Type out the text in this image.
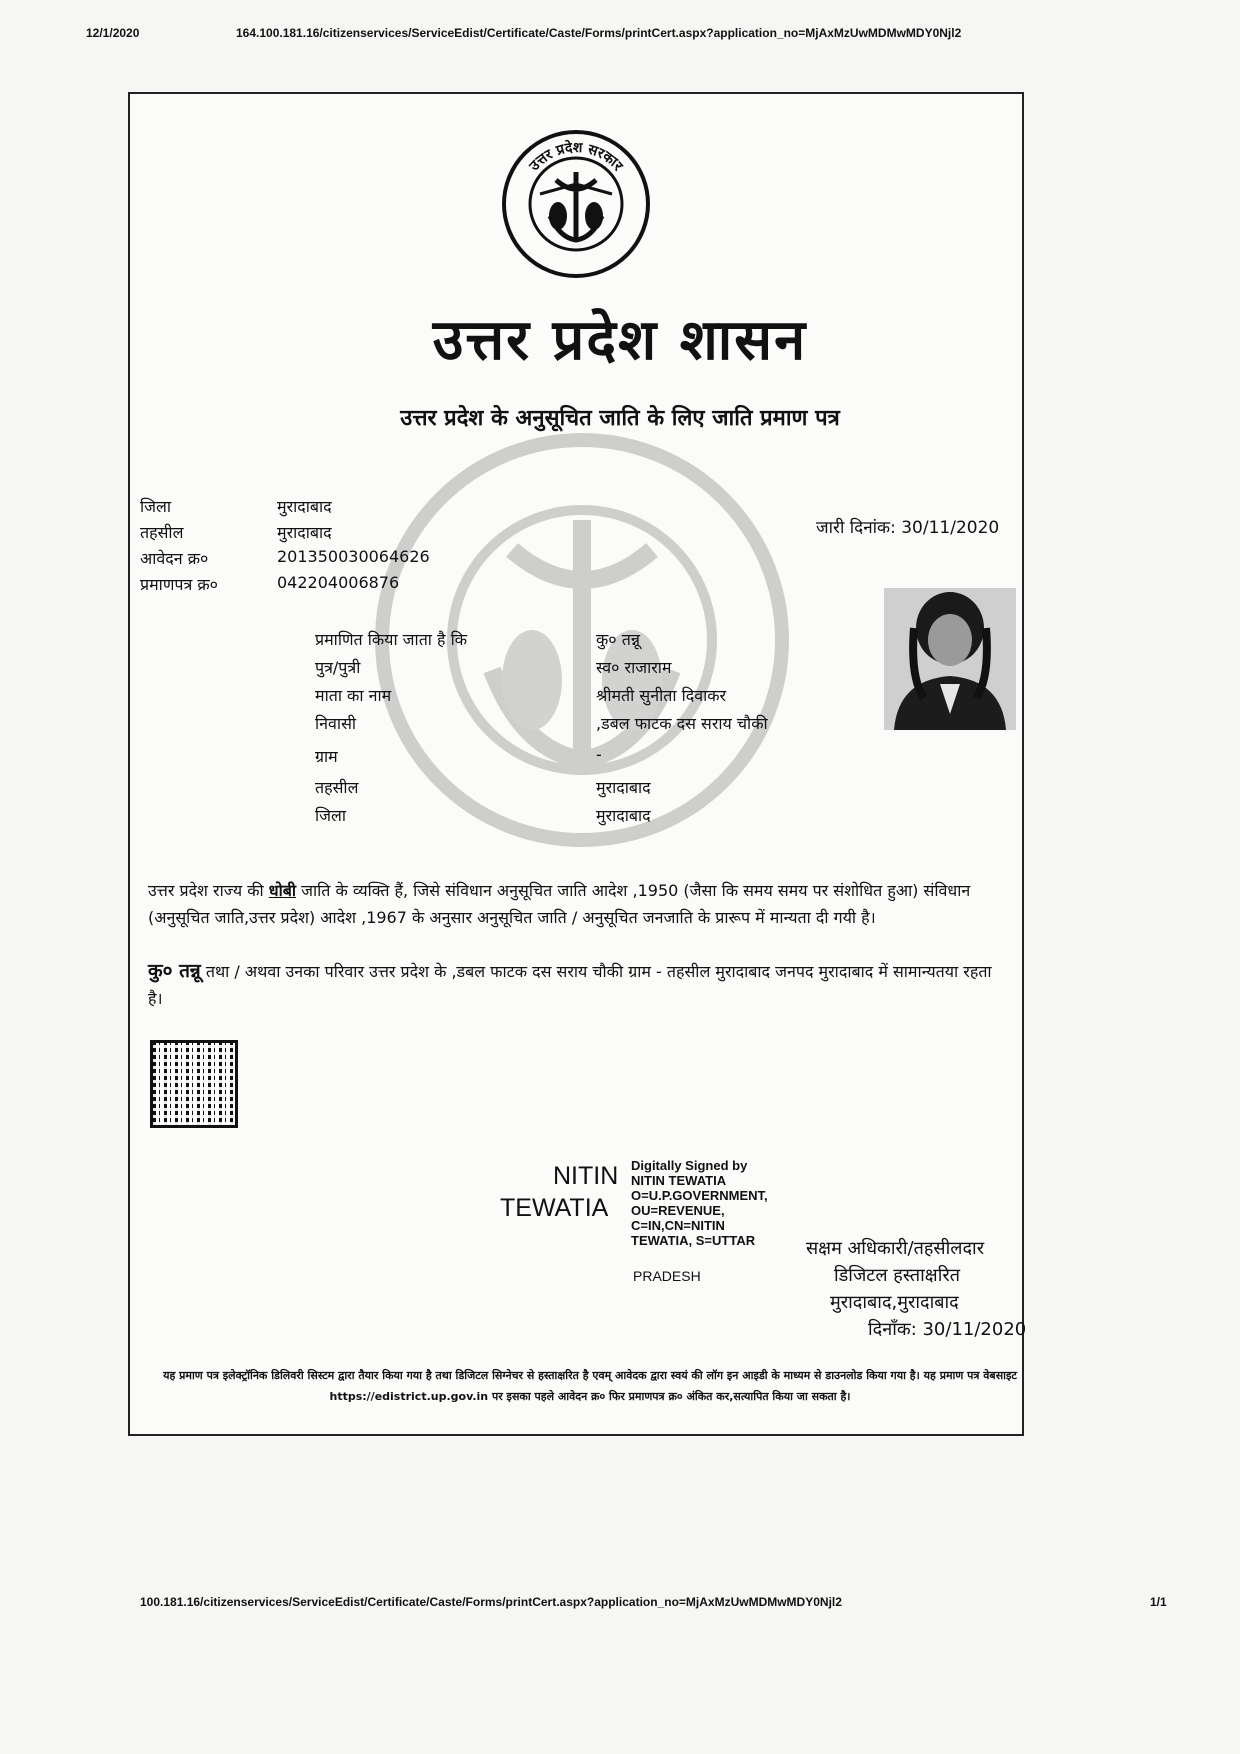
12/1/2020	164.100.181.16/citizenservices/ServiceEdist/Certificate/Caste/Forms/printCert.aspx?application_no=MjAxMzUwMDMwMDY0Njl2
उत्तर प्रदेश सरकार
उत्तर प्रदेश शासन
उत्तर प्रदेश के अनुसूचित जाति के लिए जाति प्रमाण पत्र
जिला	मुरादाबाद
तहसील	मुरादाबाद
आवेदन क्र०	201350030064626
प्रमाणपत्र क्र०	042204006876
जारी दिनांक: 30/11/2020
प्रमाणित किया जाता है कि	कु० तन्नू
पुत्र/पुत्री	स्व० राजाराम
माता का नाम	श्रीमती सुनीता दिवाकर
निवासी	,डबल फाटक दस सराय चौकी
ग्राम	-
तहसील	मुरादाबाद
जिला	मुरादाबाद
उत्तर प्रदेश राज्य की धोबी जाति के व्यक्ति हैं, जिसे संविधान अनुसूचित जाति आदेश ,1950 (जैसा कि समय समय पर संशोधित हुआ) संविधान (अनुसूचित जाति,उत्तर प्रदेश) आदेश ,1967 के अनुसार अनुसूचित जाति / अनुसूचित जनजाति के प्रारूप में मान्यता दी गयी है।
कु० तन्नू तथा / अथवा उनका परिवार उत्तर प्रदेश के ,डबल फाटक दस सराय चौकी ग्राम - तहसील मुरादाबाद जनपद मुरादाबाद में सामान्यतया रहता है।
NITIN
TEWATIA
Digitally Signed by
NITIN TEWATIA
O=U.P.GOVERNMENT,
OU=REVENUE,
C=IN,CN=NITIN
TEWATIA, S=UTTAR
PRADESH
सक्षम अधिकारी/तहसीलदार
डिजिटल हस्ताक्षरित
मुरादाबाद,मुरादाबाद
दिनाँक: 30/11/2020
यह प्रमाण पत्र इलेक्ट्रॉनिक डिलिवरी सिस्टम द्वारा तैयार किया गया है तथा डिजिटल सिग्नेचर से हस्ताक्षरित है एवम् आवेदक द्वारा स्वयं की लॉग इन आइडी के माध्यम से डाउनलोड किया गया है। यह प्रमाण पत्र वेबसाइट https://edistrict.up.gov.in पर इसका पहले आवेदन क्र० फिर प्रमाणपत्र क्र० अंकित कर,सत्यापित किया जा सकता है।
100.181.16/citizenservices/ServiceEdist/Certificate/Caste/Forms/printCert.aspx?application_no=MjAxMzUwMDMwMDY0Njl2	1/1
